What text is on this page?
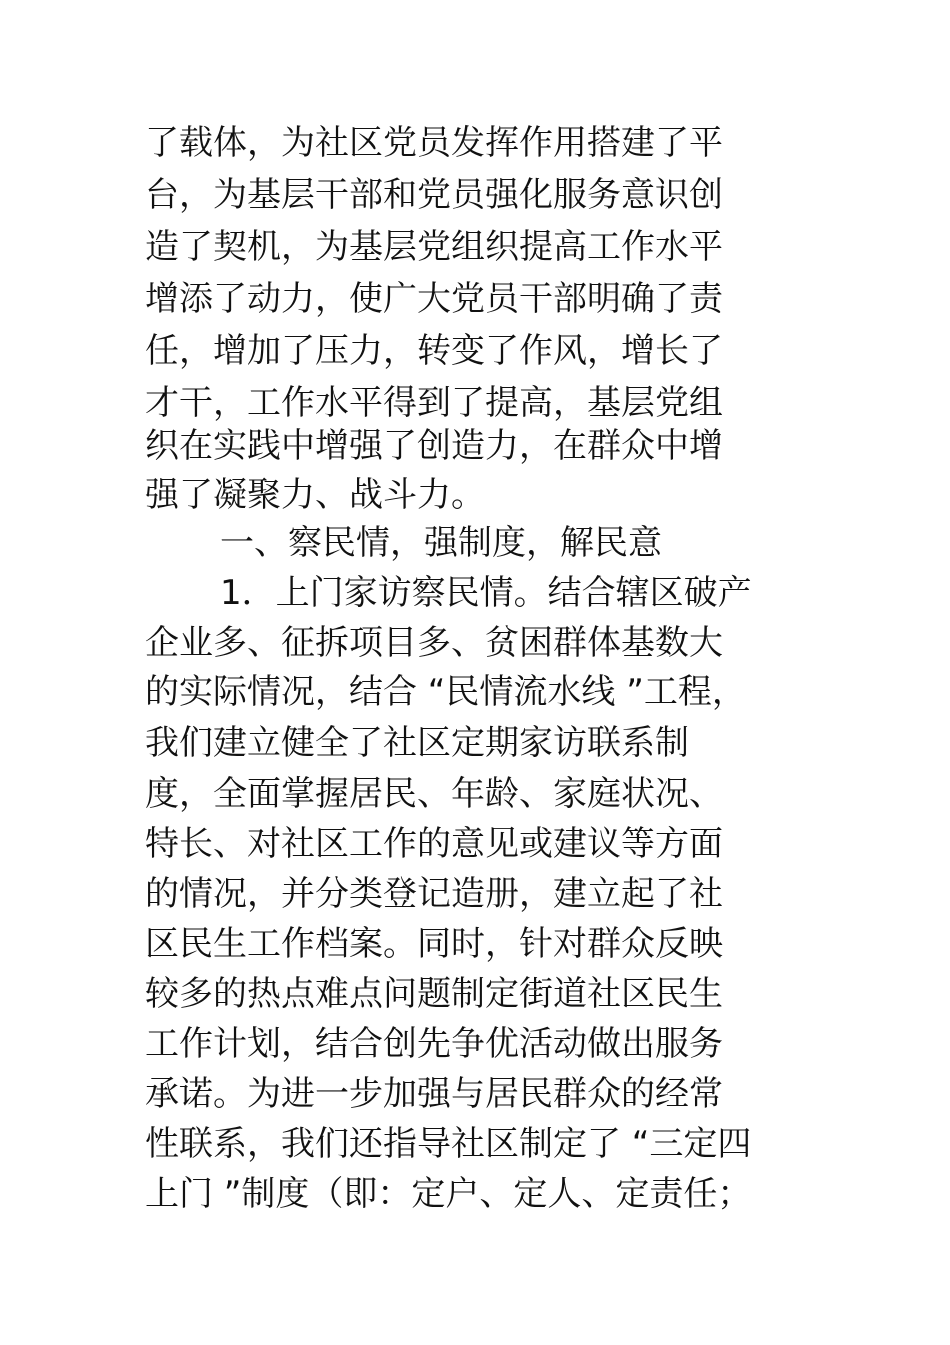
了载体，为社区党员发挥作用搭建了平
台，为基层干部和党员强化服务意识创
造了契机，为基层党组织提高工作水平
增添了动力，使广大党员干部明确了责
任，增加了压力，转变了作风，增长了
才干，工作水平得到了提高，基层党组
织在实践中增强了创造力，在群众中增
强了凝聚力、战斗力。
一、察民情，强制度，解民意
1．上门家访察民情。结合辖区破产
企业多、征拆项目多、贫困群体基数大
的实际情况，结合 “民情流水线 ”工程，
我们建立健全了社区定期家访联系制
度，全面掌握居民、年龄、家庭状况、
特长、对社区工作的意见或建议等方面
的情况，并分类登记造册，建立起了社
区民生工作档案。同时，针对群众反映
较多的热点难点问题制定街道社区民生
工作计划，结合创先争优活动做出服务
承诺。为进一步加强与居民群众的经常
性联系，我们还指导社区制定了 “三定四
上门 ”制度（即：定户、定人、定责任；
